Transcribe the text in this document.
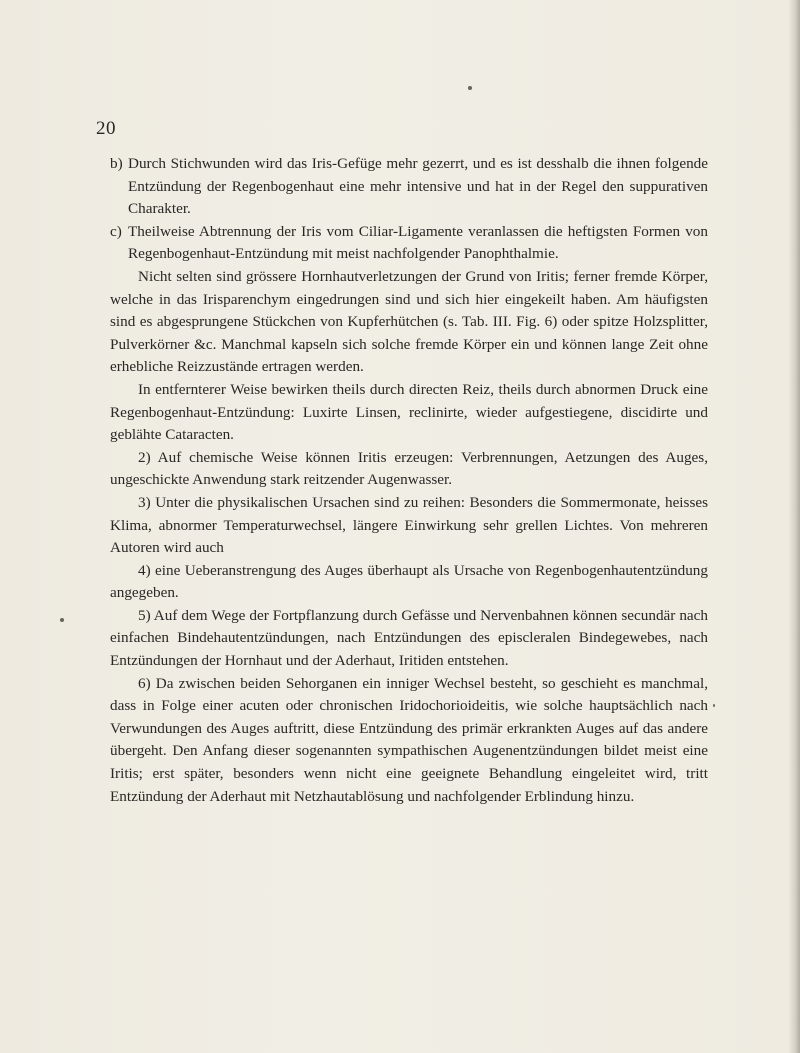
20

b) Durch Stichwunden wird das Iris-Gefüge mehr gezerrt, und es ist desshalb die ihnen folgende Entzündung der Regenbogenhaut eine mehr intensive und hat in der Regel den suppurativen Charakter.

c) Theilweise Abtrennung der Iris vom Ciliar-Ligamente veranlassen die heftigsten Formen von Regenbogenhaut-Entzündung mit meist nachfolgender Panophthalmie.

Nicht selten sind grössere Hornhautverletzungen der Grund von Iritis; ferner fremde Körper, welche in das Irisparenchym eingedrungen sind und sich hier eingekeilt haben. Am häufigsten sind es abgesprungene Stückchen von Kupferhütchen (s. Tab. III. Fig. 6) oder spitze Holzsplitter, Pulverkörner &c. Manchmal kapseln sich solche fremde Körper ein und können lange Zeit ohne erhebliche Reizzustände ertragen werden.

In entfernterer Weise bewirken theils durch directen Reiz, theils durch abnormen Druck eine Regenbogenhaut-Entzündung: Luxirte Linsen, reclinirte, wieder aufgestiegene, discidirte und geblähte Cataracten.

2) Auf chemische Weise können Iritis erzeugen: Verbrennungen, Aetzungen des Auges, ungeschickte Anwendung stark reitzender Augenwasser.

3) Unter die physikalischen Ursachen sind zu reihen: Besonders die Sommermonate, heisses Klima, abnormer Temperaturwechsel, längere Einwirkung sehr grellen Lichtes. Von mehreren Autoren wird auch

4) eine Ueberanstrengung des Auges überhaupt als Ursache von Regenbogenhautentzündung angegeben.

5) Auf dem Wege der Fortpflanzung durch Gefässe und Nervenbahnen können secundär nach einfachen Bindehautentzündungen, nach Entzündungen des episcleralen Bindegewebes, nach Entzündungen der Hornhaut und der Aderhaut, Iritiden entstehen.

6) Da zwischen beiden Sehorganen ein inniger Wechsel besteht, so geschieht es manchmal, dass in Folge einer acuten oder chronischen Iridochorioideitis, wie solche hauptsächlich nach Verwundungen des Auges auftritt, diese Entzündung des primär erkrankten Auges auf das andere übergeht. Den Anfang dieser sogenannten sympathischen Augenentzündungen bildet meist eine Iritis; erst später, besonders wenn nicht eine geeignete Behandlung eingeleitet wird, tritt Entzündung der Aderhaut mit Netzhautablösung und nachfolgender Erblindung hinzu.
